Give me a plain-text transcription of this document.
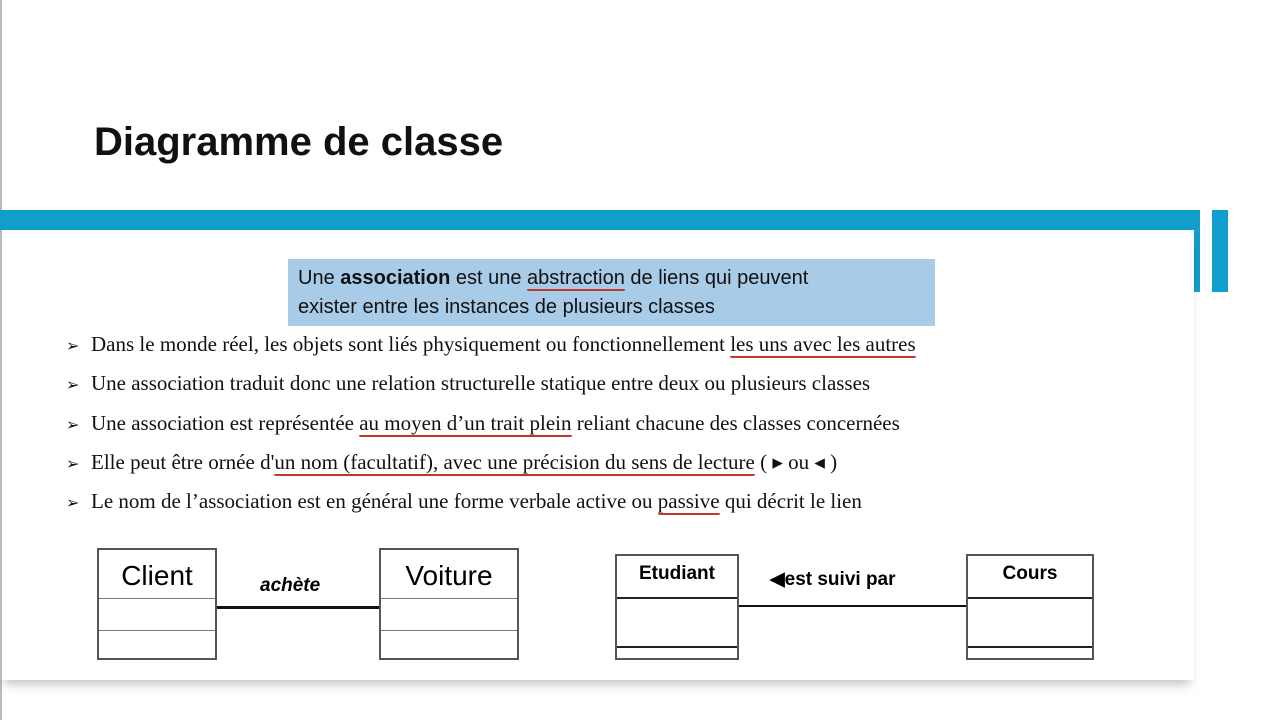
Diagramme de classe
Une association est une abstraction de liens qui peuvent
exister entre les instances de plusieurs classes
➢ Dans le monde réel, les objets sont liés physiquement ou fonctionnellement les uns avec les autres
➢ Une association traduit donc une relation structurelle statique entre deux ou plusieurs classes
➢ Une association est représentée au moyen d’un trait plein reliant chacune des classes concernées
➢ Elle peut être ornée d'un nom (facultatif), avec une précision du sens de lecture ( ▸ ou ◂ )
➢ Le nom de l’association est en général une forme verbale active ou passive qui décrit le lien
Client	achète	Voiture	Etudiant	◀est suivi par	Cours
